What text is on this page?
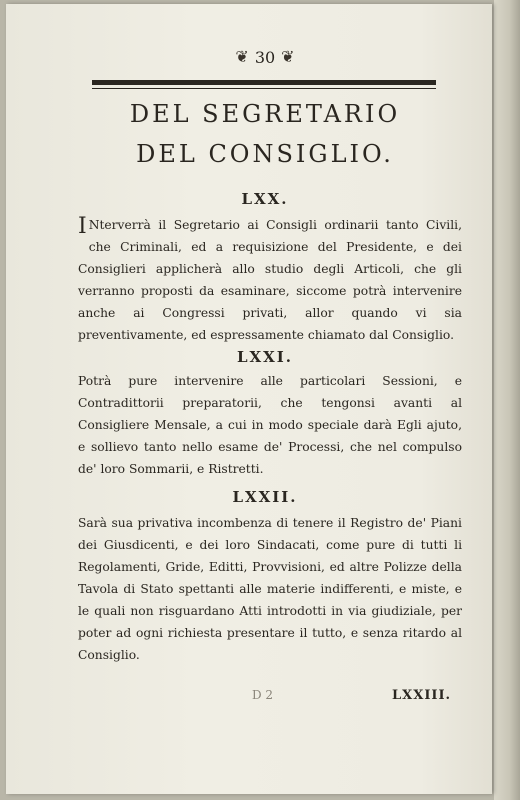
❦ 30 ❦
DEL SEGRETARIO
DEL CONSIGLIO.
LXX.

I Nterverrà il Segretario ai Consigli ordinarii tanto Civili, che Criminali, ed a requisizione del Presidente, e dei Consiglieri applicherà allo studio degli Articoli, che gli verranno proposti da esaminare, siccome potrà intervenire anche ai Congressi privati, allor quando vi sia preventivamente, ed espressamente chiamato dal Consiglio.

LXXI.

Potrà pure intervenire alle particolari Sessioni, e Contradittorii preparatorii, che tengonsi avanti al Consigliere Mensale, a cui in modo speciale darà Egli ajuto, e sollievo tanto nello esame de' Processi, che nel compulso de' loro Sommarii, e Ristretti.

LXXII.

Sarà sua privativa incombenza di tenere il Registro de' Piani dei Giusdicenti, e dei loro Sindacati, come pure di tutti li Regolamenti, Gride, Editti, Provvisioni, ed altre Polizze della Tavola di Stato spettanti alle materie indifferenti, e miste, e le quali non risguardano Atti introdotti in via giudiziale, per poter ad ogni richiesta presentare il tutto, e senza ritardo al Consiglio.

D 2	LXXIII.
